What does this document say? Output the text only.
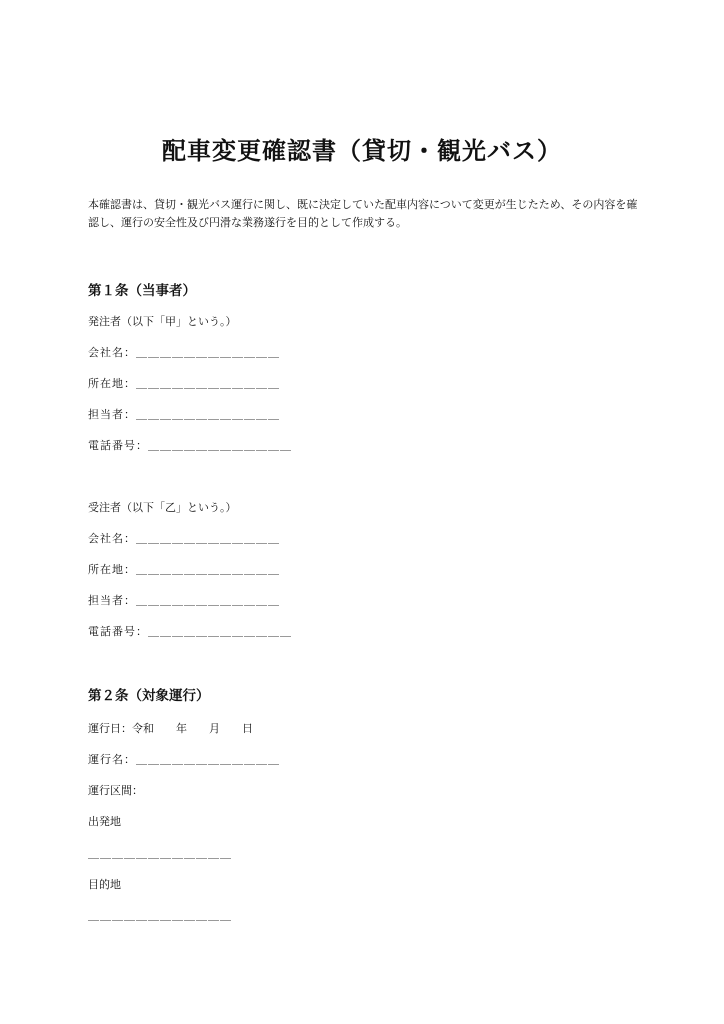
配車変更確認書（貸切・観光バス）

本確認書は、貸切・観光バス運行に関し、既に決定していた配車内容について変更が生じたため、その内容を確認し、運行の安全性及び円滑な業務遂行を目的として作成する。

第１条（当事者）

発注者（以下「甲」という。）

会社名：＿＿＿＿＿＿＿＿＿＿＿＿

所在地：＿＿＿＿＿＿＿＿＿＿＿＿

担当者：＿＿＿＿＿＿＿＿＿＿＿＿

電話番号：＿＿＿＿＿＿＿＿＿＿＿＿

受注者（以下「乙」という。）

会社名：＿＿＿＿＿＿＿＿＿＿＿＿

所在地：＿＿＿＿＿＿＿＿＿＿＿＿

担当者：＿＿＿＿＿＿＿＿＿＿＿＿

電話番号：＿＿＿＿＿＿＿＿＿＿＿＿

第２条（対象運行）

運行日：令和　　年　　月　　日

運行名：＿＿＿＿＿＿＿＿＿＿＿＿

運行区間：

出発地

＿＿＿＿＿＿＿＿＿＿＿＿

目的地

＿＿＿＿＿＿＿＿＿＿＿＿
